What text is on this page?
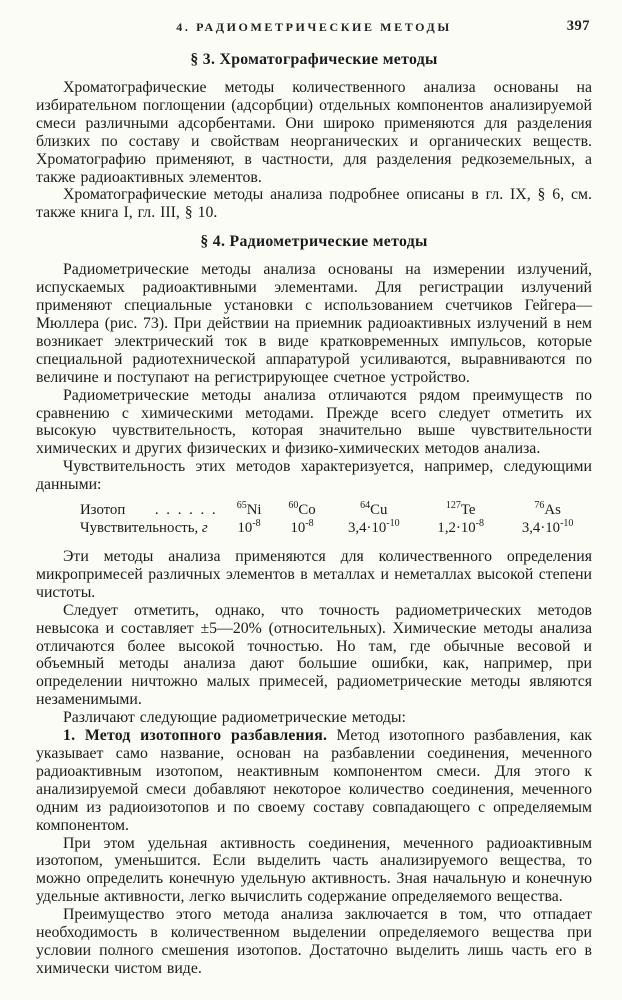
4. РАДИОМЕТРИЧЕСКИЕ МЕТОДЫ	397
§ 3. Хроматографические методы

Хроматографические методы количественного анализа основаны на избирательном поглощении (адсорбции) отдельных компонентов анализируемой смеси различными адсорбентами. Они широко применяются для разделения близких по составу и свойствам неорганических и органических веществ. Хроматографию применяют, в частности, для разделения редкоземельных, а также радиоактивных элементов.

Хроматографические методы анализа подробнее описаны в гл. IX, § 6, см. также книга I, гл. III, § 10.

§ 4. Радиометрические методы

Радиометрические методы анализа основаны на измерении излучений, испускаемых радиоактивными элементами. Для регистрации излучений применяют специальные установки с использованием счетчиков Гейгера—Мюллера (рис. 73). При действии на приемник радиоактивных излучений в нем возникает электрический ток в виде кратковременных импульсов, которые специальной радиотехнической аппаратурой усиливаются, выравниваются по величине и поступают на регистрирующее счетное устройство.

Радиометрические методы анализа отличаются рядом преимуществ по сравнению с химическими методами. Прежде всего следует отметить их высокую чувствительность, которая значительно выше чувствительности химических и других физических и физико-химических методов анализа.

Чувствительность этих методов характеризуется, например, следующими данными:

Изотоп . . . . . .	$^{65}$Ni	$^{60}$Co	$^{64}$Cu	$^{127}$Te	$^{76}$As
Чувствительность, г	$10^{-8}$	$10^{-8}$	$3,4\cdot 10^{-10}$	$1,2\cdot 10^{-8}$	$3,4\cdot 10^{-10}$

Эти методы анализа применяются для количественного определения микропримесей различных элементов в металлах и неметаллах высокой степени чистоты.

Следует отметить, однако, что точность радиометрических методов невысока и составляет ±5—20% (относительных). Химические методы анализа отличаются более высокой точностью. Но там, где обычные весовой и объемный методы анализа дают большие ошибки, как, например, при определении ничтожно малых примесей, радиометрические методы являются незаменимыми.

Различают следующие радиометрические методы:

1. Метод изотопного разбавления. Метод изотопного разбавления, как указывает само название, основан на разбавлении соединения, меченного радиоактивным изотопом, неактивным компонентом смеси. Для этого к анализируемой смеси добавляют некоторое количество соединения, меченного одним из радиоизотопов и по своему составу совпадающего с определяемым компонентом.

При этом удельная активность соединения, меченного радиоактивным изотопом, уменьшится. Если выделить часть анализируемого вещества, то можно определить конечную удельную активность. Зная начальную и конечную удельные активности, легко вычислить содержание определяемого вещества.

Преимущество этого метода анализа заключается в том, что отпадает необходимость в количественном выделении определяемого вещества при условии полного смешения изотопов. Достаточно выделить лишь часть его в химически чистом виде.
